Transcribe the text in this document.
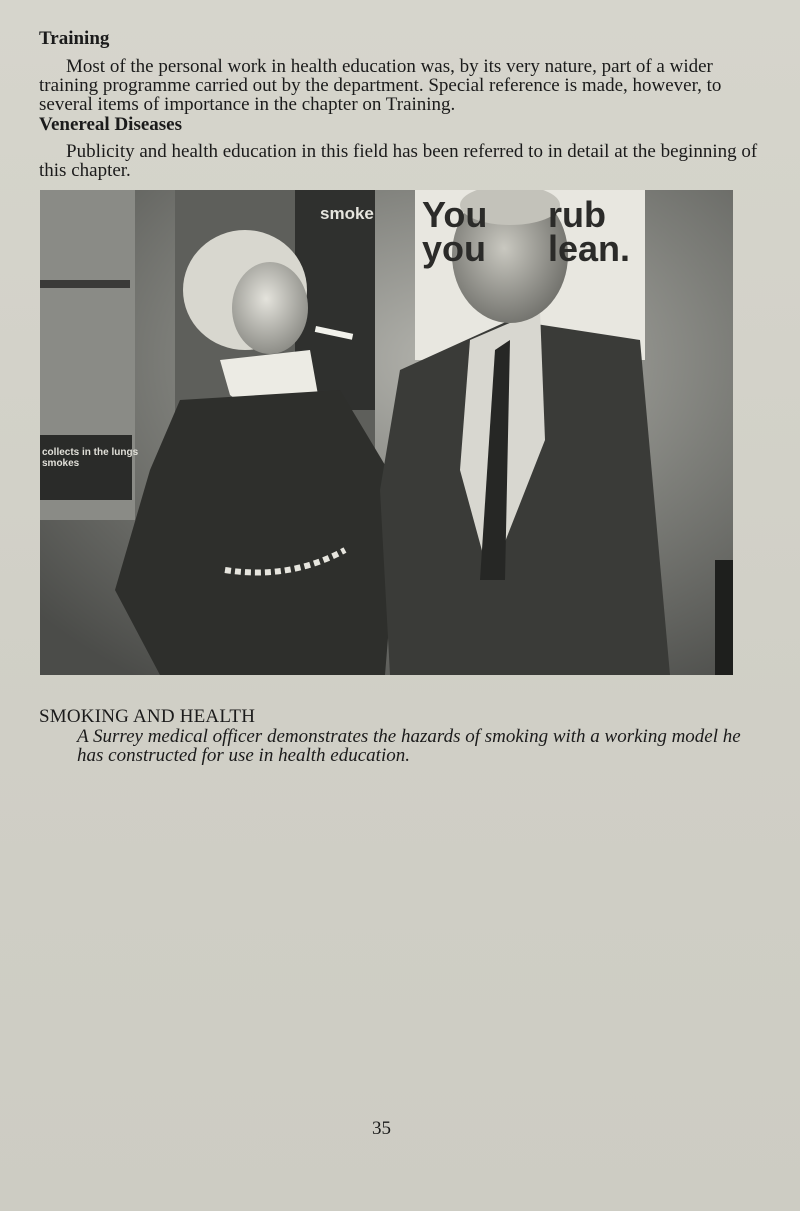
Training

Most of the personal work in health education was, by its very nature, part of a wider training programme carried out by the department. Special reference is made, however, to several items of importance in the chapter on Training.

Venereal Diseases

Publicity and health education in this field has been referred to in detail at the beginning of this chapter.

You
you
rub
lean.
smoke
collects in the lungs
smokes
SMOKING AND HEALTH

A Surrey medical officer demonstrates the hazards of smoking with a working model he has constructed for use in health education.

35
